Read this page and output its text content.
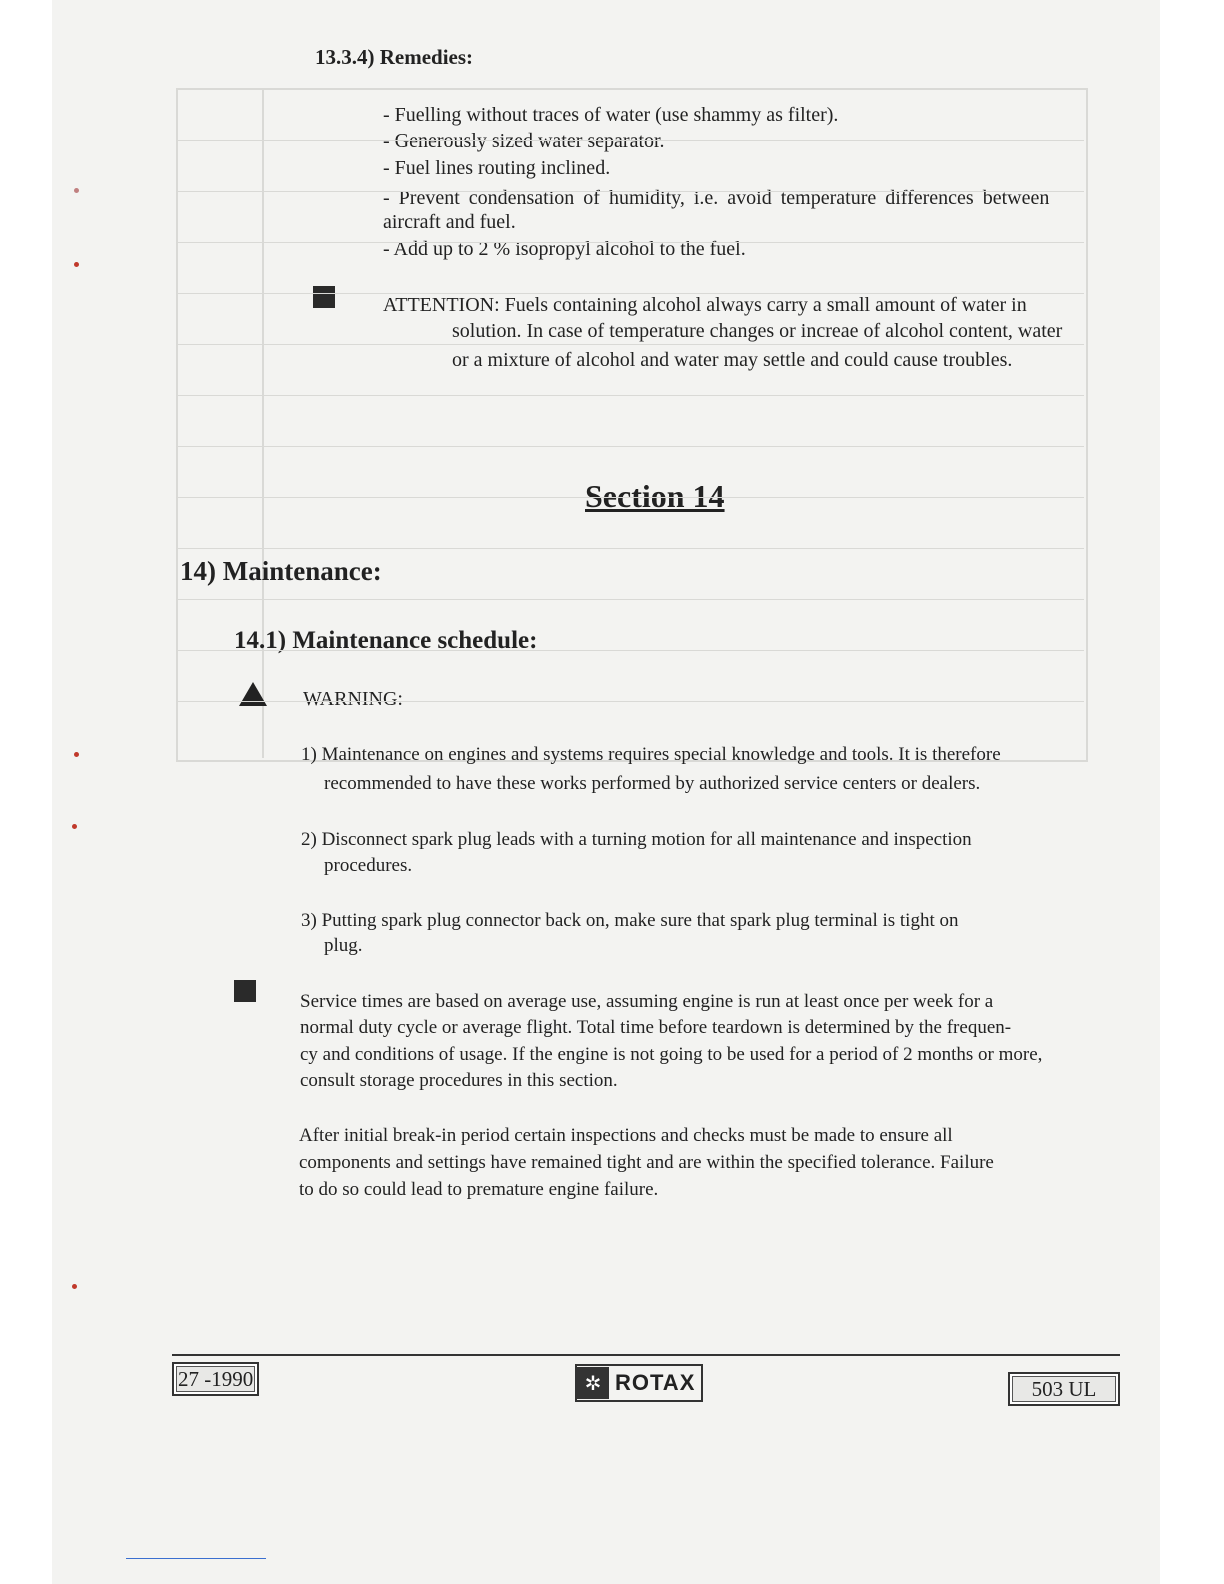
13.3.4) Remedies:
- Fuelling without traces of water (use shammy as filter).
- Generously sized water separator.
- Fuel lines routing inclined.
- Prevent condensation of humidity, i.e. avoid temperature differences between
aircraft and fuel.
- Add up to 2 % isopropyl alcohol to the fuel.
ATTENTION: Fuels containing alcohol always carry a small amount of water in
solution. In case of temperature changes or increae of alcohol content, water
or a mixture of alcohol and water may settle and could cause troubles.
Section 14
14) Maintenance:
14.1) Maintenance schedule:
WARNING:
1) Maintenance on engines and systems requires special knowledge and tools. It is therefore
recommended to have these works performed by authorized service centers or dealers.
2) Disconnect spark plug leads with a turning motion for all maintenance and inspection
procedures.
3) Putting spark plug connector back on, make sure that spark plug terminal is tight on
plug.
Service times are based on average use, assuming engine is run at least once per week for a
normal duty cycle or average flight. Total time before teardown is determined by the frequen-
cy and conditions of usage. If the engine is not going to be used for a period of 2 months or more,
consult storage procedures in this section.
After initial break-in period certain inspections and checks must be made to ensure all
components and settings have remained tight and are within the specified tolerance. Failure
to do so could lead to premature engine failure.
27 -1990	✲ ROTAX	503 UL
